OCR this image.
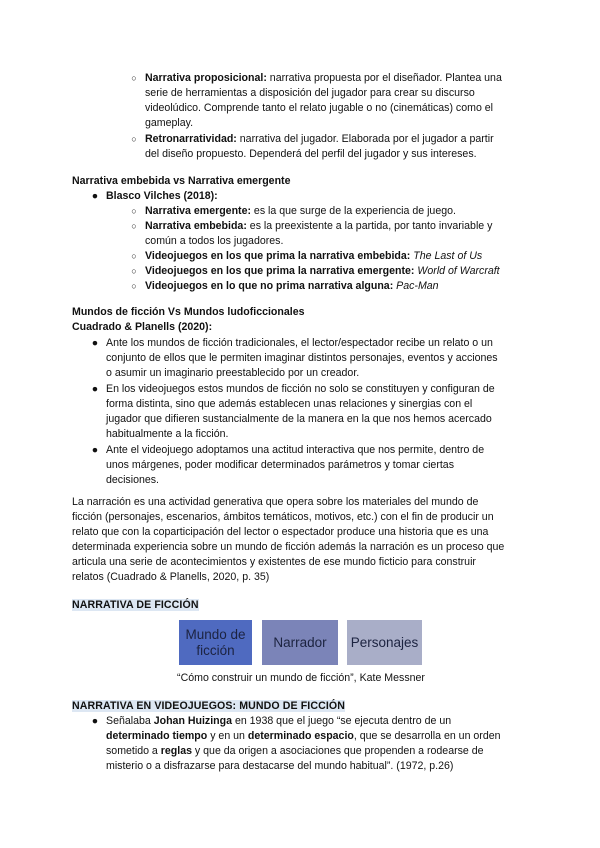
○ Narrativa proposicional: narrativa propuesta por el diseñador. Plantea una
serie de herramientas a disposición del jugador para crear su discurso
videolúdico. Comprende tanto el relato jugable o no (cinemáticas) como el
gameplay.
○ Retronarratividad: narrativa del jugador. Elaborada por el jugador a partir
del diseño propuesto. Dependerá del perfil del jugador y sus intereses.
Narrativa embebida vs Narrativa emergente
● Blasco Vilches (2018):
○ Narrativa emergente: es la que surge de la experiencia de juego.
○ Narrativa embebida: es la preexistente a la partida, por tanto invariable y
común a todos los jugadores.
○ Videojuegos en los que prima la narrativa embebida: The Last of Us
○ Videojuegos en los que prima la narrativa emergente: World of Warcraft
○ Videojuegos en lo que no prima narrativa alguna: Pac-Man
Mundos de ficción Vs Mundos ludoficcionales
Cuadrado & Planells (2020):
● Ante los mundos de ficción tradicionales, el lector/espectador recibe un relato o un
conjunto de ellos que le permiten imaginar distintos personajes, eventos y acciones
o asumir un imaginario preestablecido por un creador.
● En los videojuegos estos mundos de ficción no solo se constituyen y configuran de
forma distinta, sino que además establecen unas relaciones y sinergias con el
jugador que difieren sustancialmente de la manera en la que nos hemos acercado
habitualmente a la ficción.
● Ante el videojuego adoptamos una actitud interactiva que nos permite, dentro de
unos márgenes, poder modificar determinados parámetros y tomar ciertas
decisiones.
La narración es una actividad generativa que opera sobre los materiales del mundo de
ficción (personajes, escenarios, ámbitos temáticos, motivos, etc.) con el fin de producir un
relato que con la coparticipación del lector o espectador produce una historia que es una
determinada experiencia sobre un mundo de ficción además la narración es un proceso que
articula una serie de acontecimientos y existentes de ese mundo ficticio para construir
relatos (Cuadrado & Planells, 2020, p. 35)
NARRATIVA DE FICCIÓN
Mundo de
ficción
Narrador Personajes
“Cómo construir un mundo de ficción”, Kate Messner
NARRATIVA EN VIDEOJUEGOS: MUNDO DE FICCIÓN
● Señalaba Johan Huizinga en 1938 que el juego “se ejecuta dentro de un
determinado tiempo y en un determinado espacio, que se desarrolla en un orden
sometido a reglas y que da origen a asociaciones que propenden a rodearse de
misterio o a disfrazarse para destacarse del mundo habitual”. (1972, p.26)
